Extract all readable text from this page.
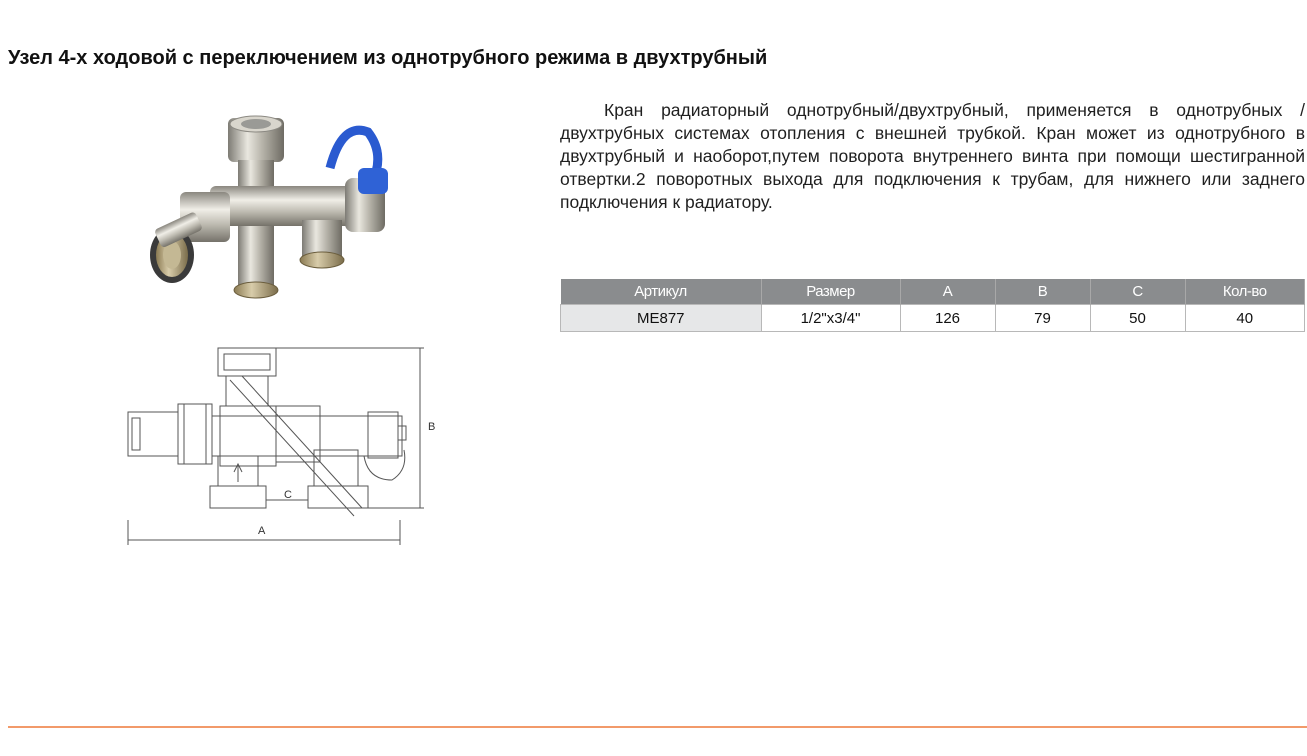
Узел 4-х ходовой с переключением из однотрубного режима в двухтрубный
A
B
C
Кран радиаторный однотрубный/двухтрубный, применяется в однотрубных / двухтрубных системах отопления с внешней трубкой. Кран может из однотрубного в двухтрубный и наоборот,путем поворота внутреннего винта при помощи шестигранной отвертки.2 поворотных выхода для подключения к трубам, для нижнего или заднего подключения к радиатору.
Артикул	Размер	A	B	C	Кол-во
ME877	1/2"x3/4"	126	79	50	40
